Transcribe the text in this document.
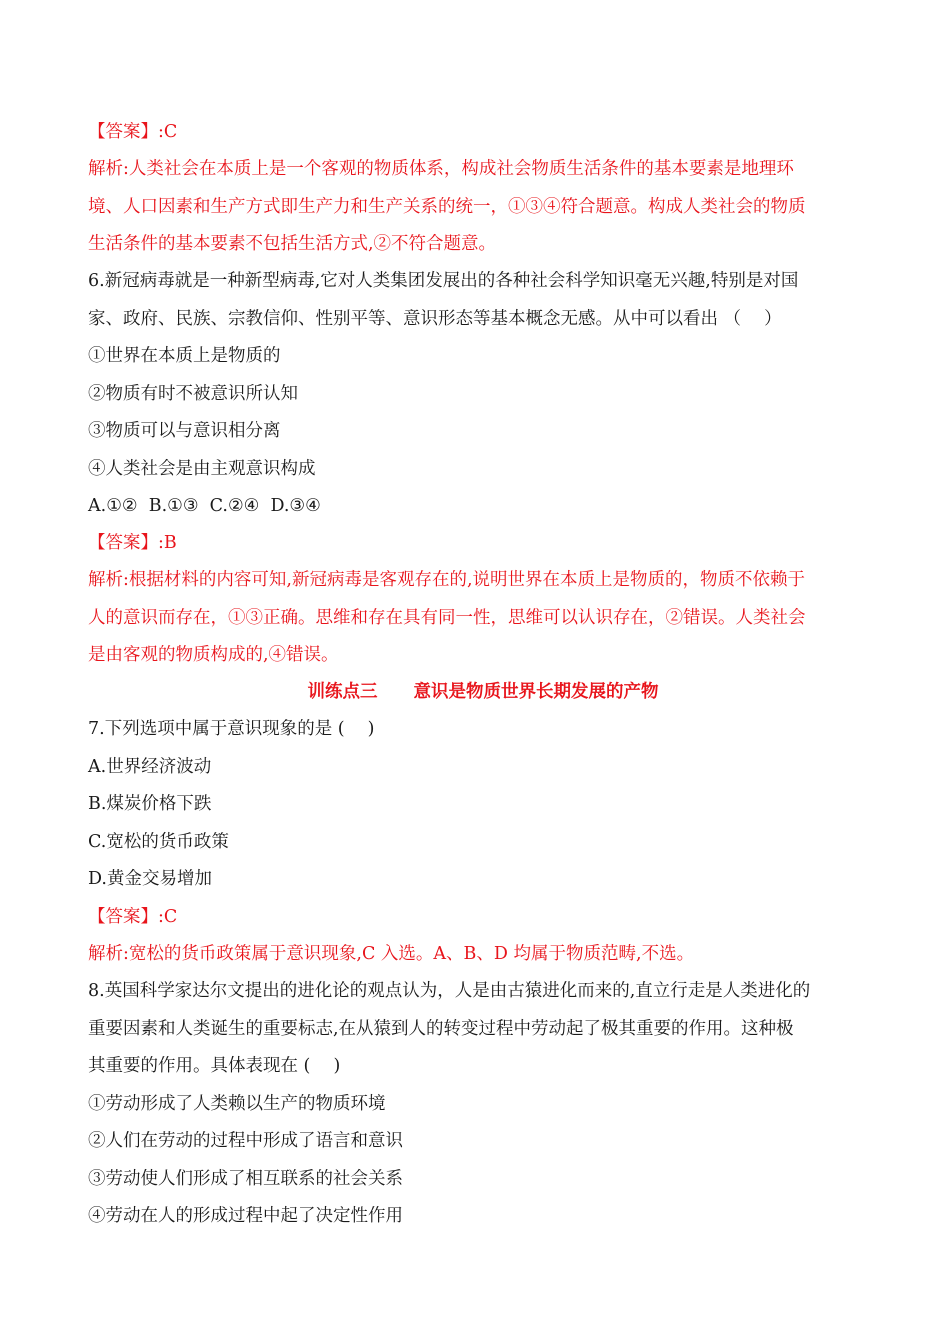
【答案】:C
解析:人类社会在本质上是一个客观的物质体系，构成社会物质生活条件的基本要素是地理环
境、人口因素和生产方式即生产力和生产关系的统一，①③④符合题意。构成人类社会的物质
生活条件的基本要素不包括生活方式,②不符合题意。
6.新冠病毒就是一种新型病毒,它对人类集团发展出的各种社会科学知识毫无兴趣,特别是对国
家、政府、民族、宗教信仰、性别平等、意识形态等基本概念无感。从中可以看出 （　 ）
①世界在本质上是物质的
②物质有时不被意识所认知
③物质可以与意识相分离
④人类社会是由主观意识构成
A.①②  B.①③  C.②④  D.③④
【答案】:B
解析:根据材料的内容可知,新冠病毒是客观存在的,说明世界在本质上是物质的，物质不依赖于
人的意识而存在，①③正确。思维和存在具有同一性，思维可以认识存在，②错误。人类社会
是由客观的物质构成的,④错误。
训练点三 意识是物质世界长期发展的产物
7.下列选项中属于意识现象的是 (　 )
A.世界经济波动
B.煤炭价格下跌
C.宽松的货币政策
D.黄金交易增加
【答案】:C
解析:宽松的货币政策属于意识现象,C 入选。A、B、D 均属于物质范畴,不选。
8.英国科学家达尔文提出的进化论的观点认为，人是由古猿进化而来的,直立行走是人类进化的
重要因素和人类诞生的重要标志,在从猿到人的转变过程中劳动起了极其重要的作用。这种极
其重要的作用。具体表现在 (　 )
①劳动形成了人类赖以生产的物质环境
②人们在劳动的过程中形成了语言和意识
③劳动使人们形成了相互联系的社会关系
④劳动在人的形成过程中起了决定性作用
